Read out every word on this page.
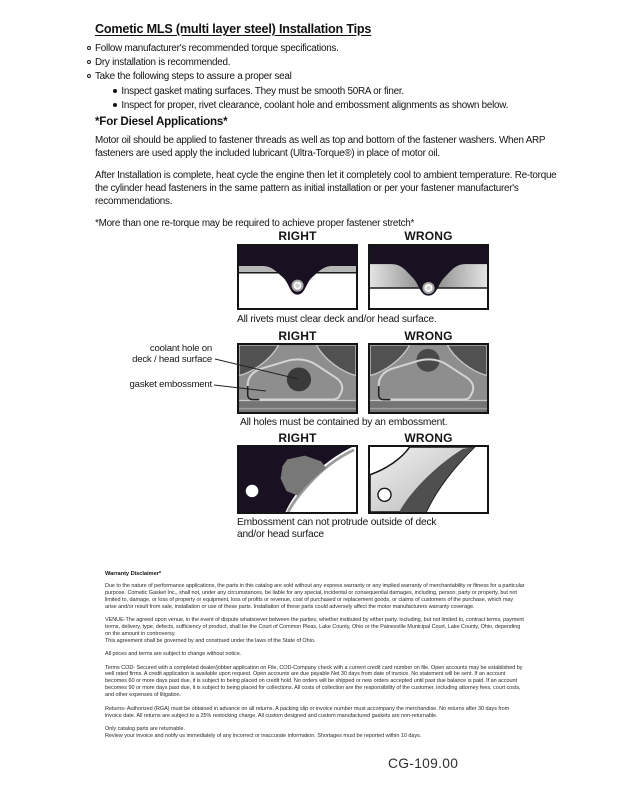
Cometic MLS (multi layer steel) Installation Tips
Follow manufacturer's recommended torque specifications.
Dry installation is recommended.
Take the following steps to assure a proper seal
Inspect gasket mating surfaces. They must be smooth 50RA or finer.
Inspect for proper, rivet clearance, coolant hole and embossment alignments as shown below.
*For Diesel Applications*

Motor oil should be applied to fastener threads as well as top and bottom of the fastener washers. When ARP fasteners are used apply the included lubricant (Ultra-Torque®) in place of motor oil.

After Installation is complete, heat cycle the engine then let it completely cool to ambient temperature. Re-torque the cylinder head fasteners in the same pattern as initial installation or per your fastener manufacturer's recommendations.

*More than one re-torque may be required to achieve proper fastener stretch*

RIGHT	WRONG
All rivets must clear deck and/or head surface.
RIGHT	WRONG
coolant hole on
deck / head surface
gasket embossment
All holes must be contained by an embossment.
RIGHT	WRONG
Embossment can not protrude outside of deck
and/or head surface
Warranty Disclaimer*

Due to the nature of performance applications, the parts in this catalog are sold without any express warranty or any implied warranty of merchantability or fitness for a particular purpose. Cometic Gasket Inc., shall not, under any circumstances, be liable for any special, incidental or consequential damages, including, person, party or property, but not limited to, damage, or loss of property or equipment, loss of profits or revenue, cost of purchased or replacement goods, or claims of customers of the purchase, which may arise and/or result from sale, installation or use of these parts. Installation of these parts could adversely affect the motor manufacturers warranty coverage.

VENUE-The agreed upon venue, in the event of dispute whatsoever between the parties, whether instituted by either party, including, but not limited to, contract terms, payment terms, delivery, type, defects, sufficiency of product, shall be the Court of Common Pleas, Lake County, Ohio or the Painesville Municipal Court, Lake County, Ohio, depending on the amount in controversy.

This agreement shall be governed by and construed under the laws of the State of Ohio.

All prices and terms are subject to change without notice.

Terms COD- Secured with a completed dealer/jobber application on File, COD-Company check with a current credit card number on file. Open accounts may be established by well rated firms. A credit application is available upon request. Open accounts are due payable Net 30 days from date of invoice. No statement will be sent. If an account becomes 60 or more days past due, it is subject to being placed on credit hold. No orders will be shipped or new orders accepted until past due balance is paid. If an account becomes 90 or more days past due, it is subject to being placed for collections. All costs of collection are the responsibility of the customer, including attorney fees, court costs, and other expenses of litigation.

Returns- Authorized (RGA) must be obtained in advance on all returns. A packing slip or invoice number must accompany the merchandise. No returns after 30 days from invoice date. All returns are subject to a 25% restocking charge. All custom designed and custom manufactured gaskets are non-returnable.

Only catalog parts are returnable.

Review your invoice and notify us immediately of any incorrect or inaccurate information. Shortages must be reported within 10 days.

CG-109.00
